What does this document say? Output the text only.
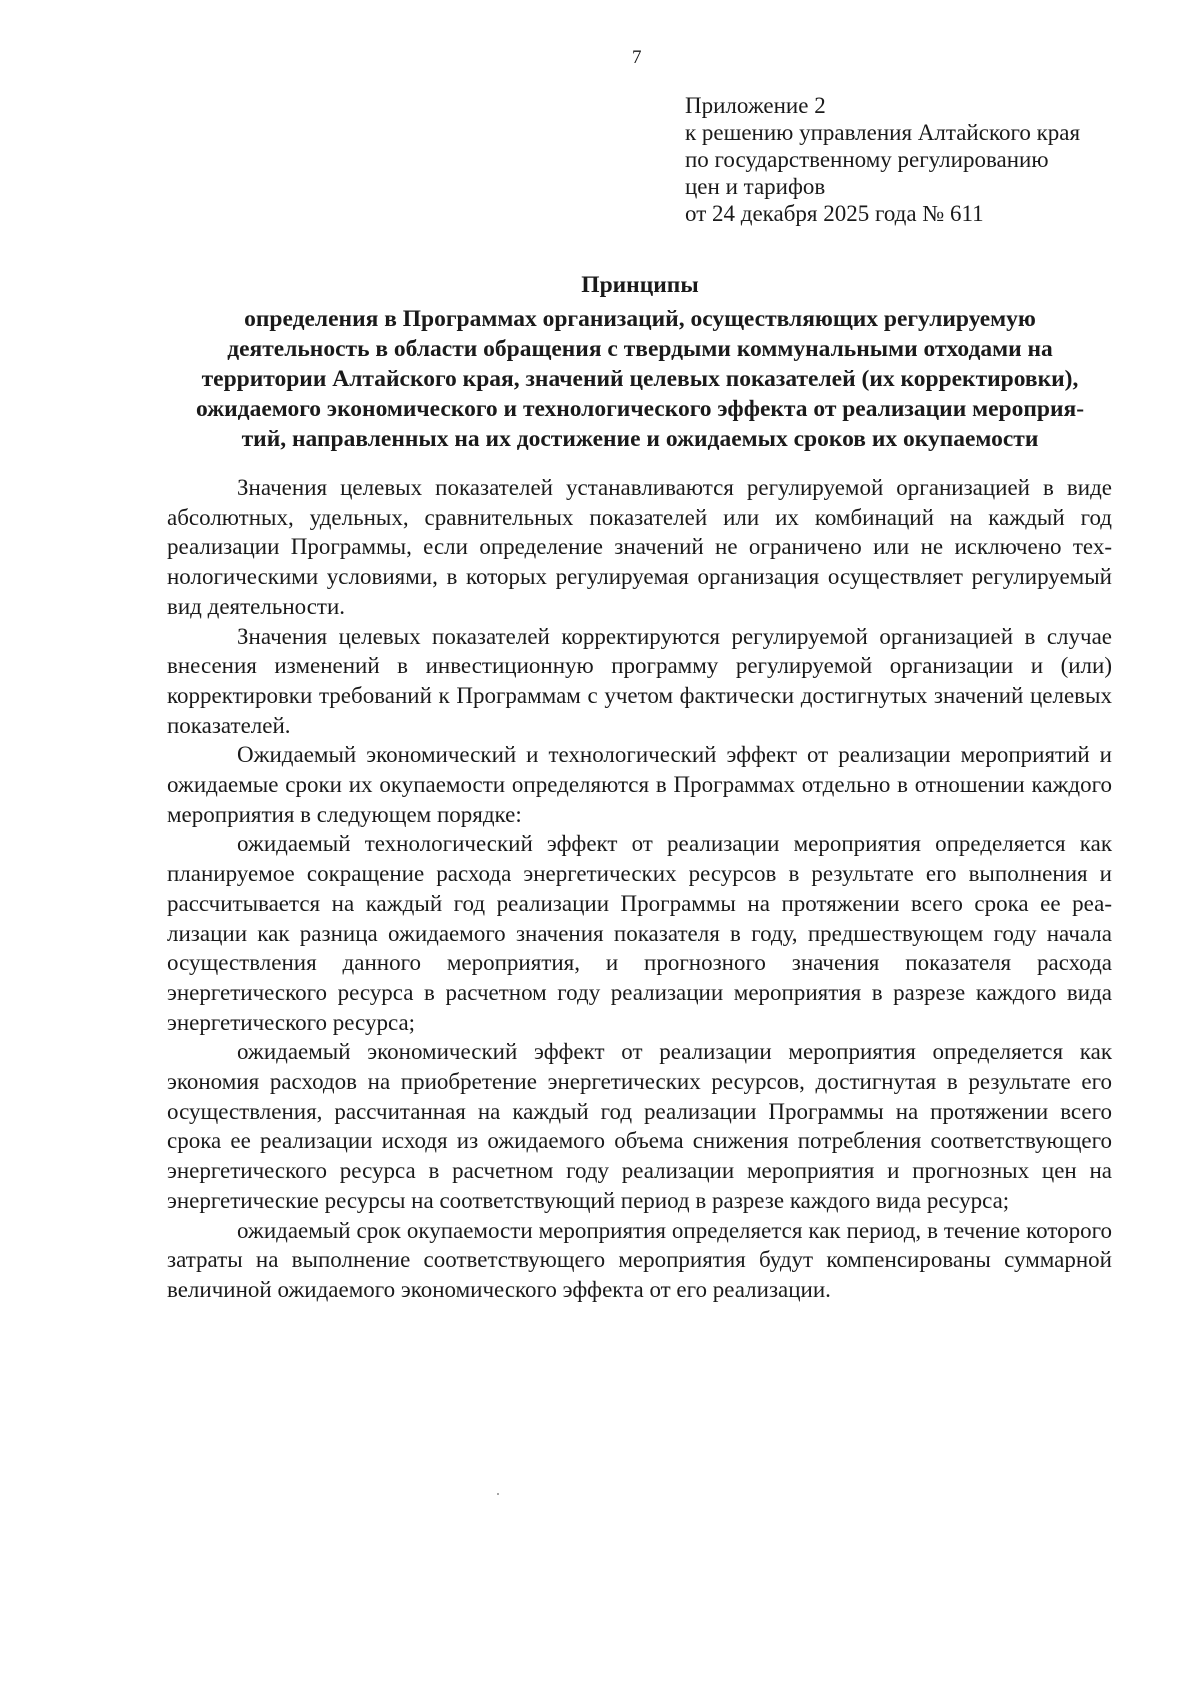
7
Приложение 2
к решению управления Алтайского края
по государственному регулированию
цен и тарифов
от 24 декабря 2025 года № 611
Принципы
определения в Программах организаций, осуществляющих регулируемую
деятельность в области обращения с твердыми коммунальными отходами на
территории Алтайского края, значений целевых показателей (их корректировки),
ожидаемого экономического и технологического эффекта от реализации мероприя-
тий, направленных на их достижение и ожидаемых сроков их окупаемости

Значения целевых показателей устанавливаются регулируемой организацией в виде абсолютных, удельных, сравнительных показателей или их комбинаций на каждый год реализации Программы, если определение значений не ограничено или не исключено технологическими условиями, в которых регулируемая организация осуществляет регулируемый вид деятельности.

Значения целевых показателей корректируются регулируемой организацией в случае внесения изменений в инвестиционную программу регулируемой организации и (или) корректировки требований к Программам с учетом фактически достигнутых значений целевых показателей.

Ожидаемый экономический и технологический эффект от реализации мероприятий и ожидаемые сроки их окупаемости определяются в Программах отдельно в отношении каждого мероприятия в следующем порядке:

ожидаемый технологический эффект от реализации мероприятия определяется как планируемое сокращение расхода энергетических ресурсов в результате его выполнения и рассчитывается на каждый год реализации Программы на протяжении всего срока ее реализации как разница ожидаемого значения показателя в году, предшествующем году начала осуществления данного мероприятия, и прогнозного значения показателя расхода энергетического ресурса в расчетном году реализации мероприятия в разрезе каждого вида энергетического ресурса;

ожидаемый экономический эффект от реализации мероприятия определяется как экономия расходов на приобретение энергетических ресурсов, достигнутая в результате его осуществления, рассчитанная на каждый год реализации Программы на протяжении всего срока ее реализации исходя из ожидаемого объема снижения потребления соответствующего энергетического ресурса в расчетном году реализации мероприятия и прогнозных цен на энергетические ресурсы на соответствующий период в разрезе каждого вида ресурса;

ожидаемый срок окупаемости мероприятия определяется как период, в течение которого затраты на выполнение соответствующего мероприятия будут компенсированы суммарной величиной ожидаемого экономического эффекта от его реализации.
